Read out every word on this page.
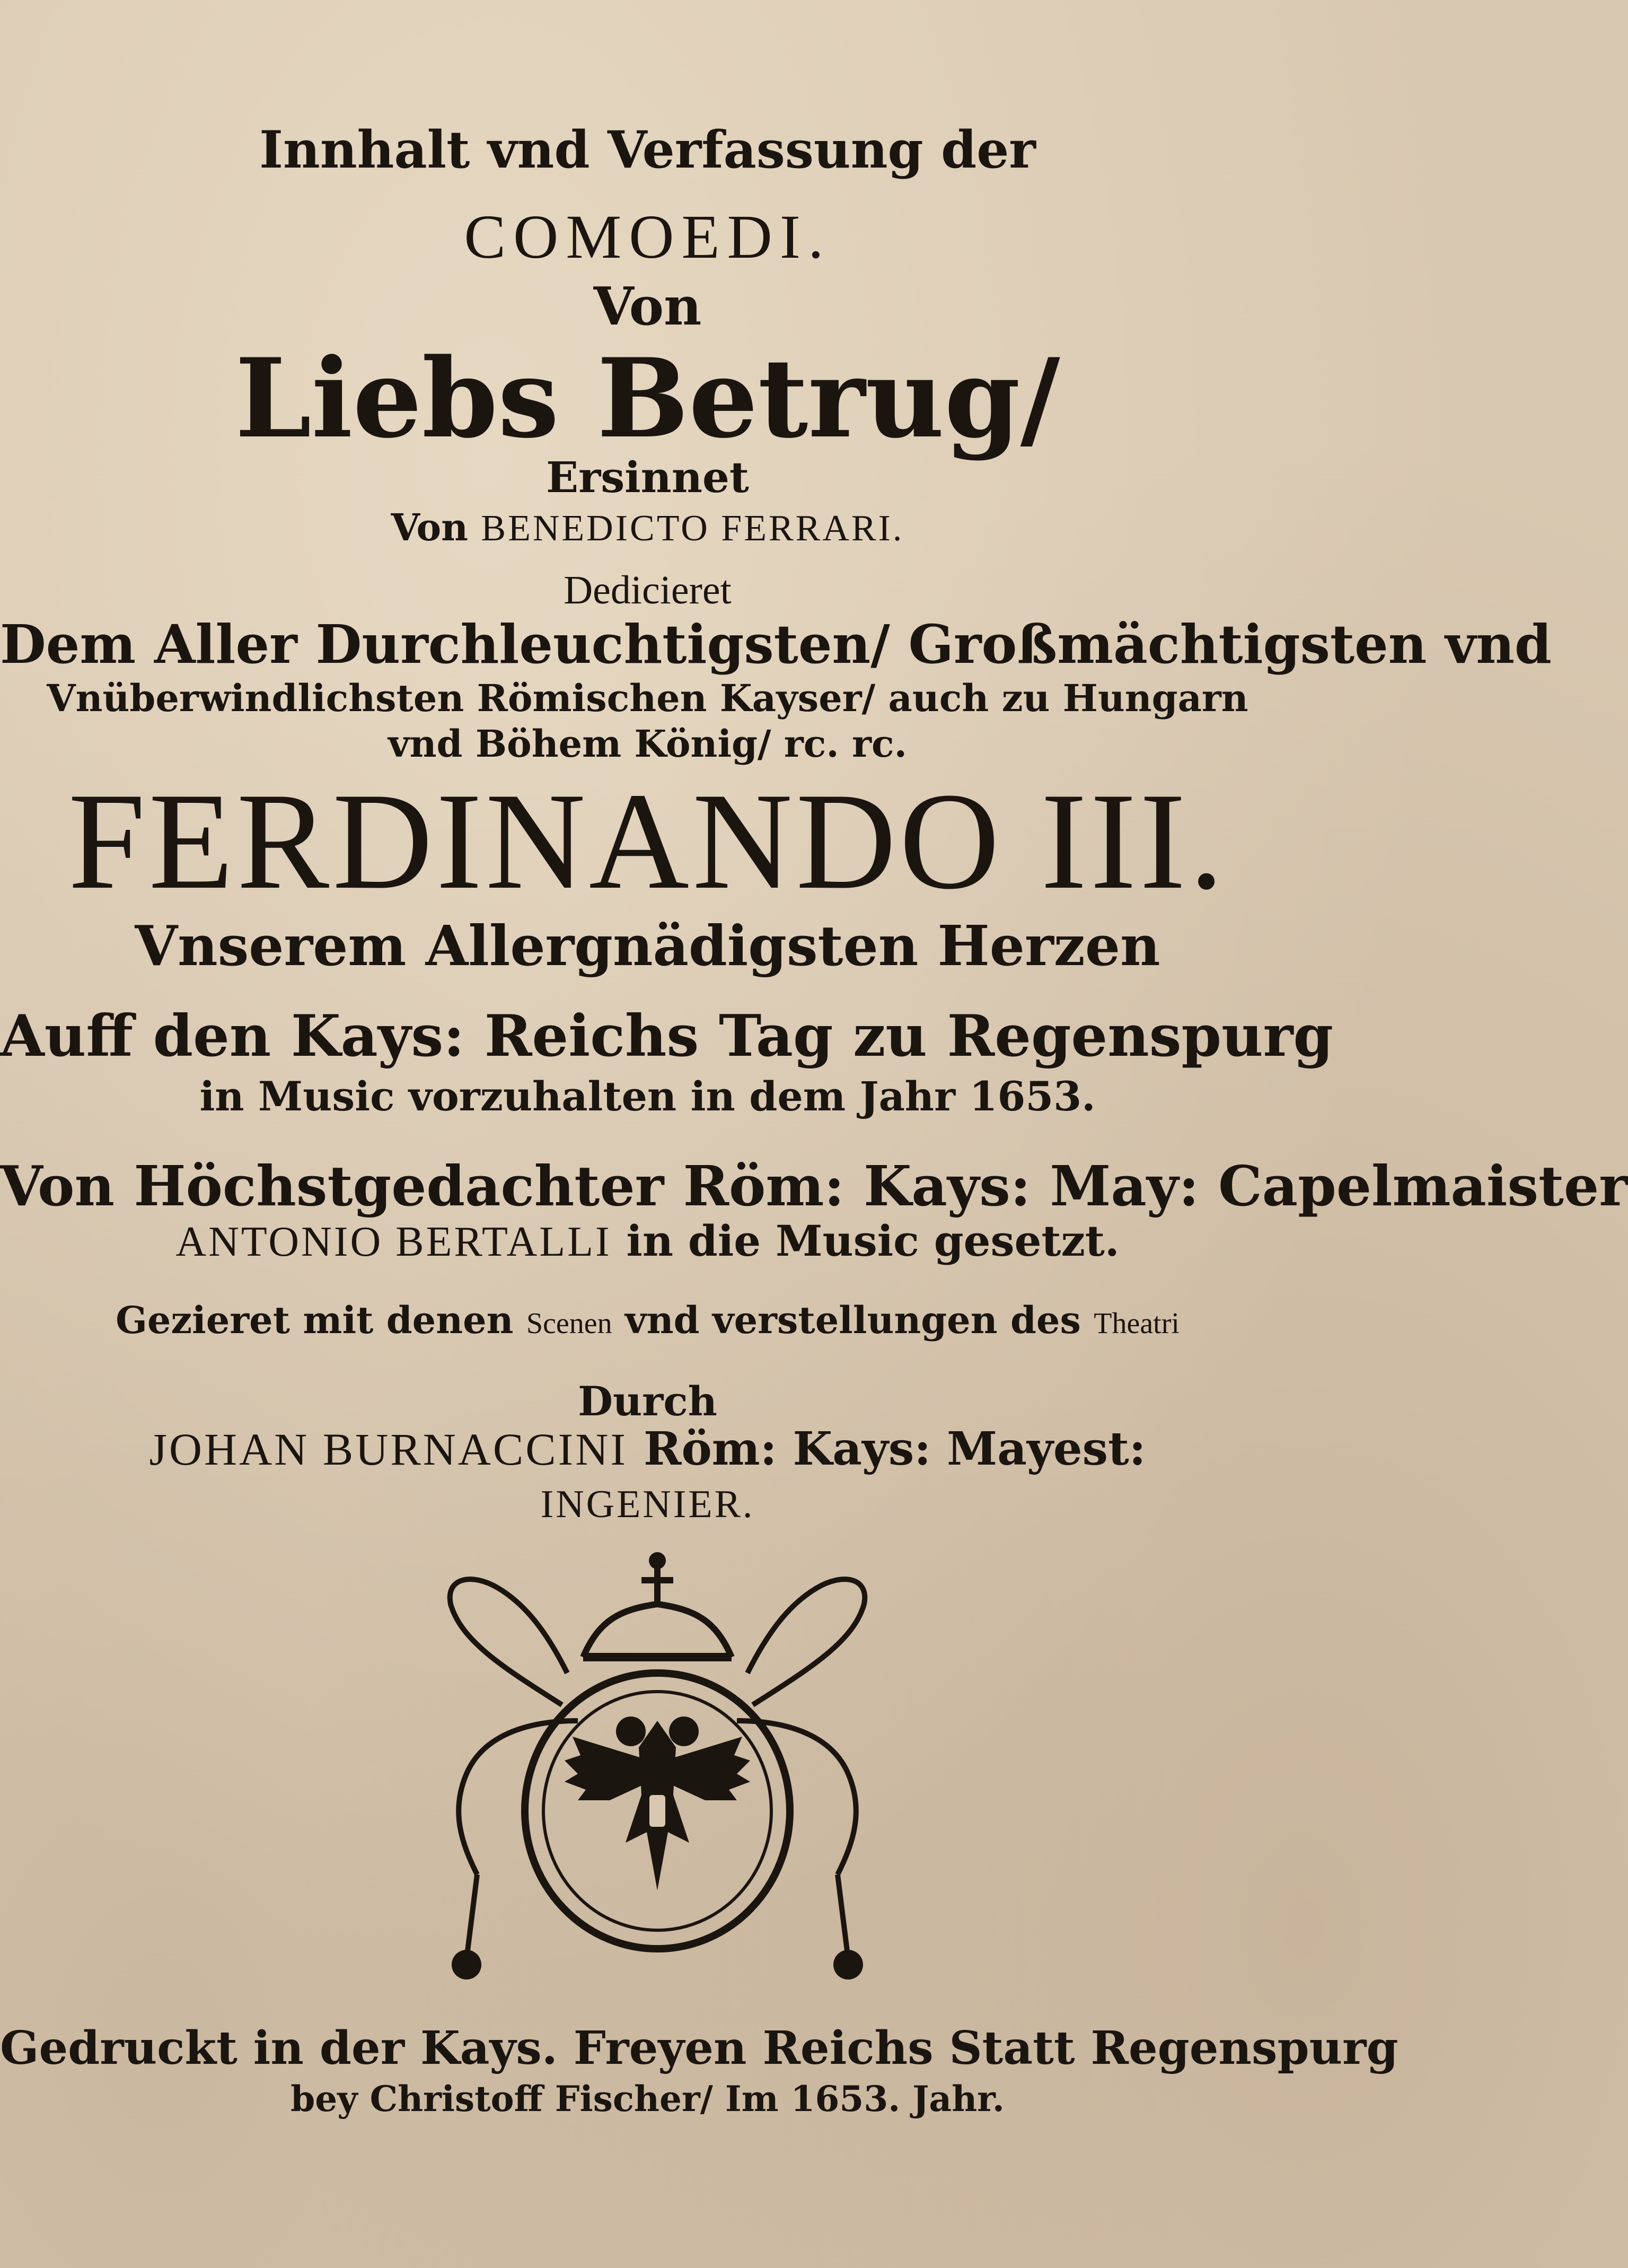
Innhalt vnd Verfassung der
COMOEDI.
Von
Liebs Betrug/
Ersinnet
Von BENEDICTO FERRARI.
Dedicieret
Dem Aller Durchleuchtigsten/ Großmächtigsten vnd
Vnüberwindlichsten Römischen Kayser/ auch zu Hungarn
vnd Böhem König/ rc. rc.
FERDINANDO III.
Vnserem Allergnädigsten Herzen
Auff den Kays: Reichs Tag zu Regenspurg
in Music vorzuhalten in dem Jahr 1653.
Von Höchstgedachter Röm: Kays: May: Capelmaister
ANTONIO BERTALLI in die Music gesetzt.
Gezieret mit denen Scenen vnd verstellungen des Theatri
Durch
JOHAN BURNACCINI Röm: Kays: Mayest:
INGENIER.
Gedruckt in der Kays. Freyen Reichs Statt Regenspurg
bey Christoff Fischer/ Im 1653. Jahr.
